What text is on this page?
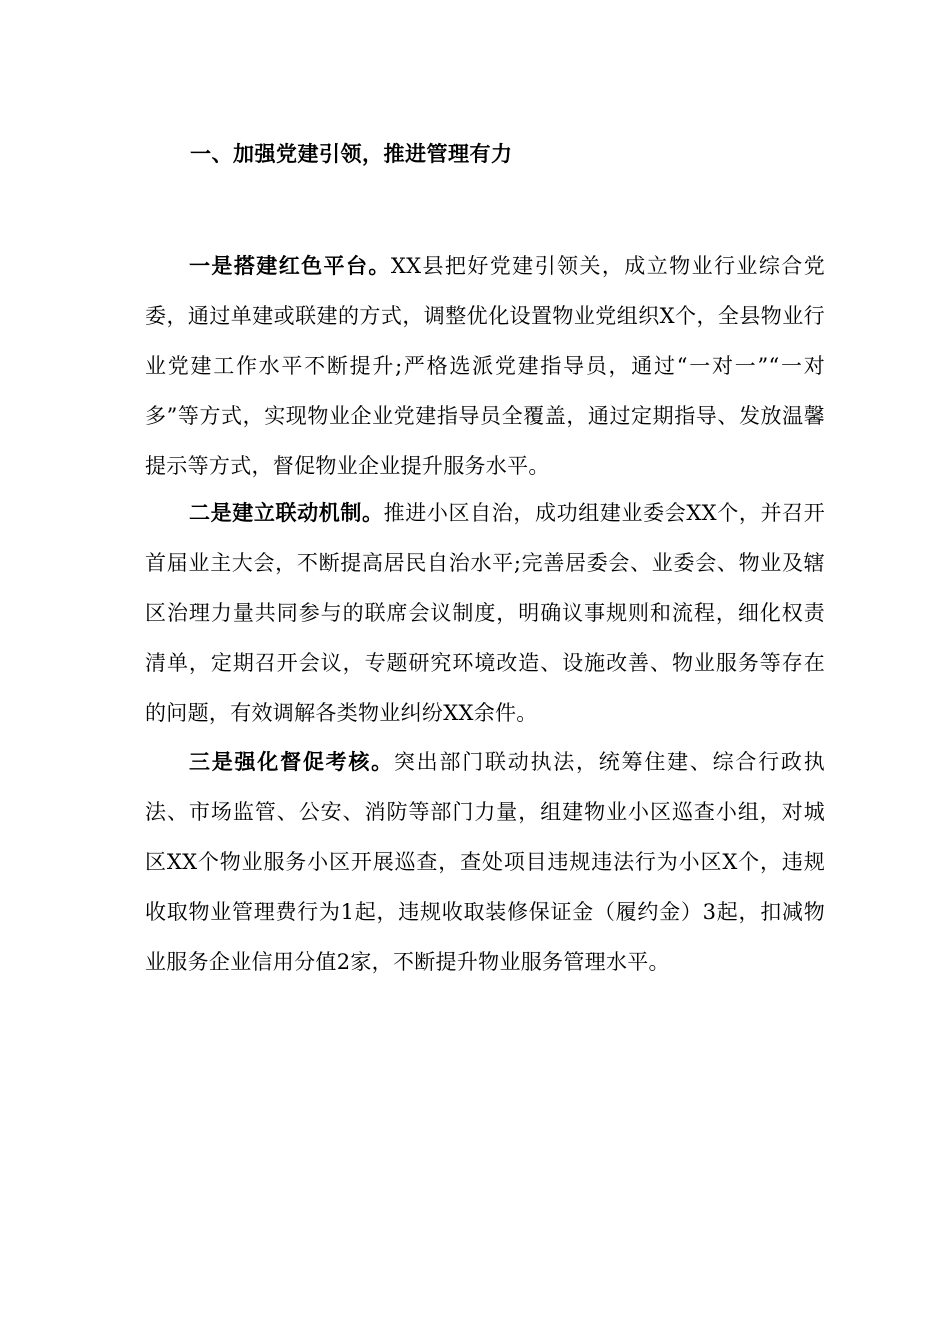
一、加强党建引领，推进管理有力

一是搭建红色平台。XX县把好党建引领关，成立物业行业综合党委，通过单建或联建的方式，调整优化设置物业党组织X个，全县物业行业党建工作水平不断提升;严格选派党建指导员，通过“一对一”“一对多”等方式，实现物业企业党建指导员全覆盖，通过定期指导、发放温馨提示等方式，督促物业企业提升服务水平。

二是建立联动机制。推进小区自治，成功组建业委会XX个，并召开首届业主大会，不断提高居民自治水平;完善居委会、业委会、物业及辖区治理力量共同参与的联席会议制度，明确议事规则和流程，细化权责清单，定期召开会议，专题研究环境改造、设施改善、物业服务等存在的问题，有效调解各类物业纠纷XX余件。

三是强化督促考核。突出部门联动执法，统筹住建、综合行政执法、市场监管、公安、消防等部门力量，组建物业小区巡查小组，对城区XX个物业服务小区开展巡查，查处项目违规违法行为小区X个，违规收取物业管理费行为1起，违规收取装修保证金（履约金）3起，扣减物业服务企业信用分值2家，不断提升物业服务管理水平。
